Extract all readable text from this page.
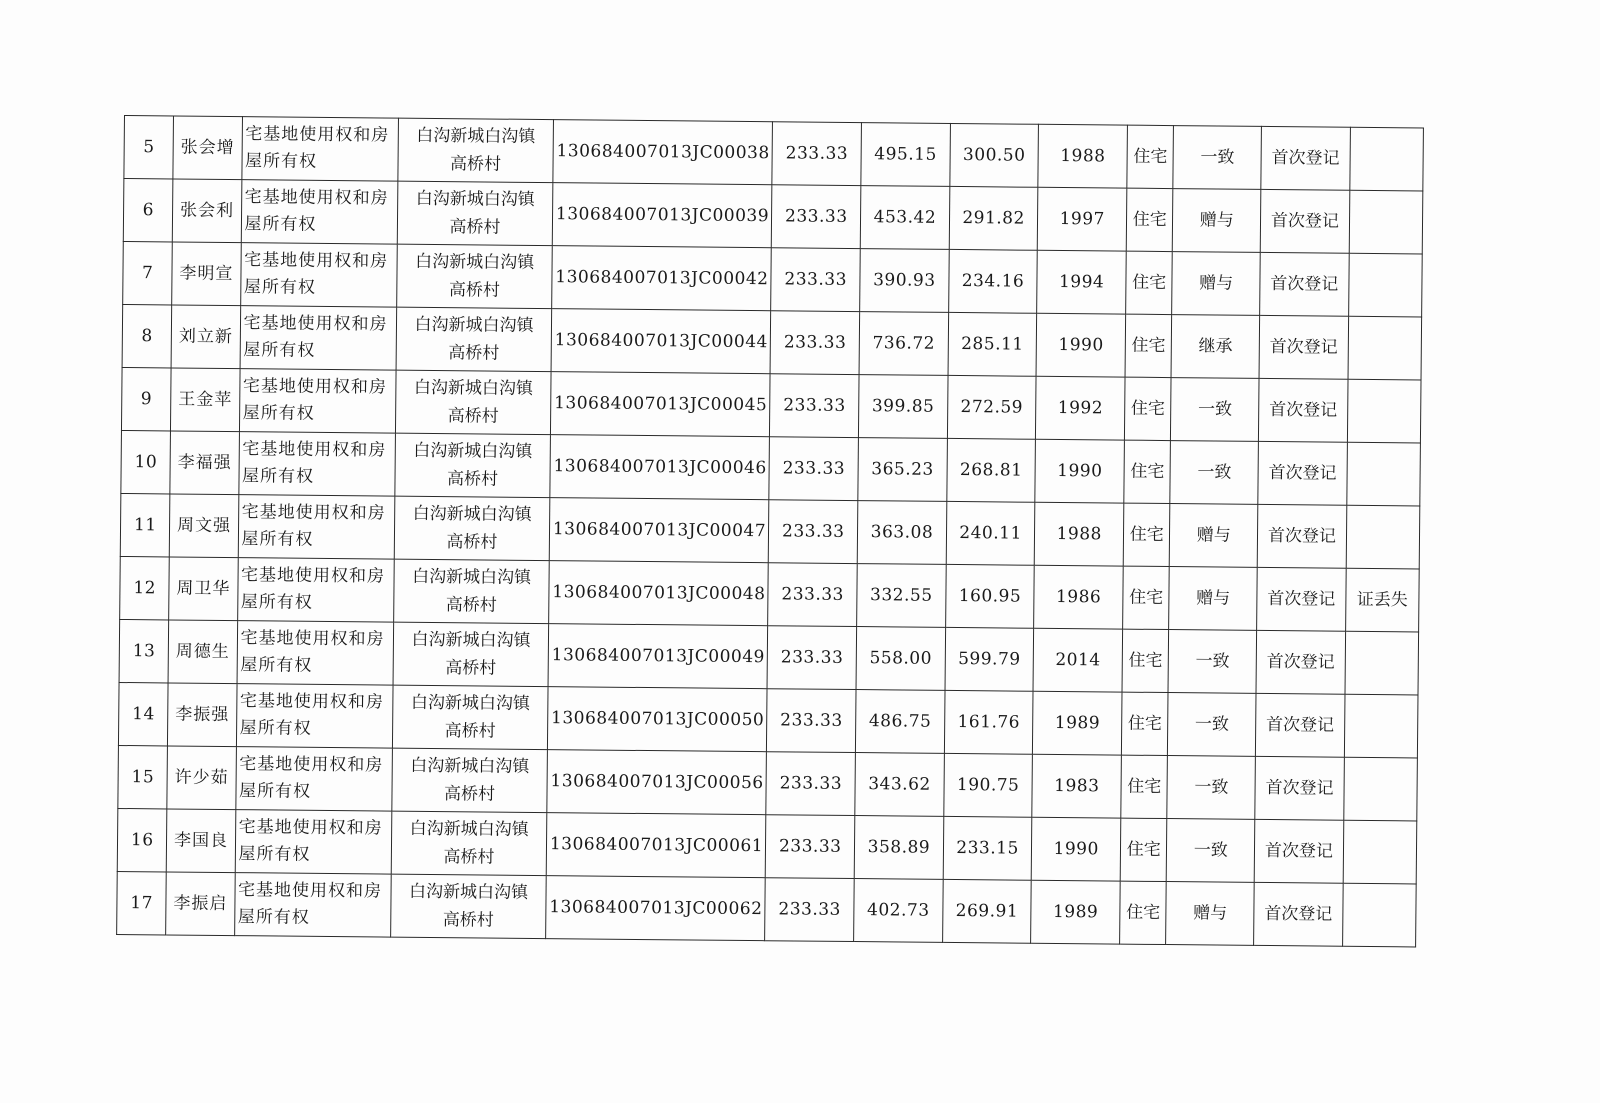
5	张会增	宅基地使用权和房屋所有权	白沟新城白沟镇
高桥村	130684007013JC00038	233.33	495.15	300.50	1988	住宅	一致	首次登记	
6	张会利	宅基地使用权和房屋所有权	白沟新城白沟镇
高桥村	130684007013JC00039	233.33	453.42	291.82	1997	住宅	赠与	首次登记	
7	李明宣	宅基地使用权和房屋所有权	白沟新城白沟镇
高桥村	130684007013JC00042	233.33	390.93	234.16	1994	住宅	赠与	首次登记	
8	刘立新	宅基地使用权和房屋所有权	白沟新城白沟镇
高桥村	130684007013JC00044	233.33	736.72	285.11	1990	住宅	继承	首次登记	
9	王金苹	宅基地使用权和房屋所有权	白沟新城白沟镇
高桥村	130684007013JC00045	233.33	399.85	272.59	1992	住宅	一致	首次登记	
10	李福强	宅基地使用权和房屋所有权	白沟新城白沟镇
高桥村	130684007013JC00046	233.33	365.23	268.81	1990	住宅	一致	首次登记	
11	周文强	宅基地使用权和房屋所有权	白沟新城白沟镇
高桥村	130684007013JC00047	233.33	363.08	240.11	1988	住宅	赠与	首次登记	
12	周卫华	宅基地使用权和房屋所有权	白沟新城白沟镇
高桥村	130684007013JC00048	233.33	332.55	160.95	1986	住宅	赠与	首次登记	证丢失
13	周德生	宅基地使用权和房屋所有权	白沟新城白沟镇
高桥村	130684007013JC00049	233.33	558.00	599.79	2014	住宅	一致	首次登记	
14	李振强	宅基地使用权和房屋所有权	白沟新城白沟镇
高桥村	130684007013JC00050	233.33	486.75	161.76	1989	住宅	一致	首次登记	
15	许少茹	宅基地使用权和房屋所有权	白沟新城白沟镇
高桥村	130684007013JC00056	233.33	343.62	190.75	1983	住宅	一致	首次登记	
16	李国良	宅基地使用权和房屋所有权	白沟新城白沟镇
高桥村	130684007013JC00061	233.33	358.89	233.15	1990	住宅	一致	首次登记	
17	李振启	宅基地使用权和房屋所有权	白沟新城白沟镇
高桥村	130684007013JC00062	233.33	402.73	269.91	1989	住宅	赠与	首次登记	
